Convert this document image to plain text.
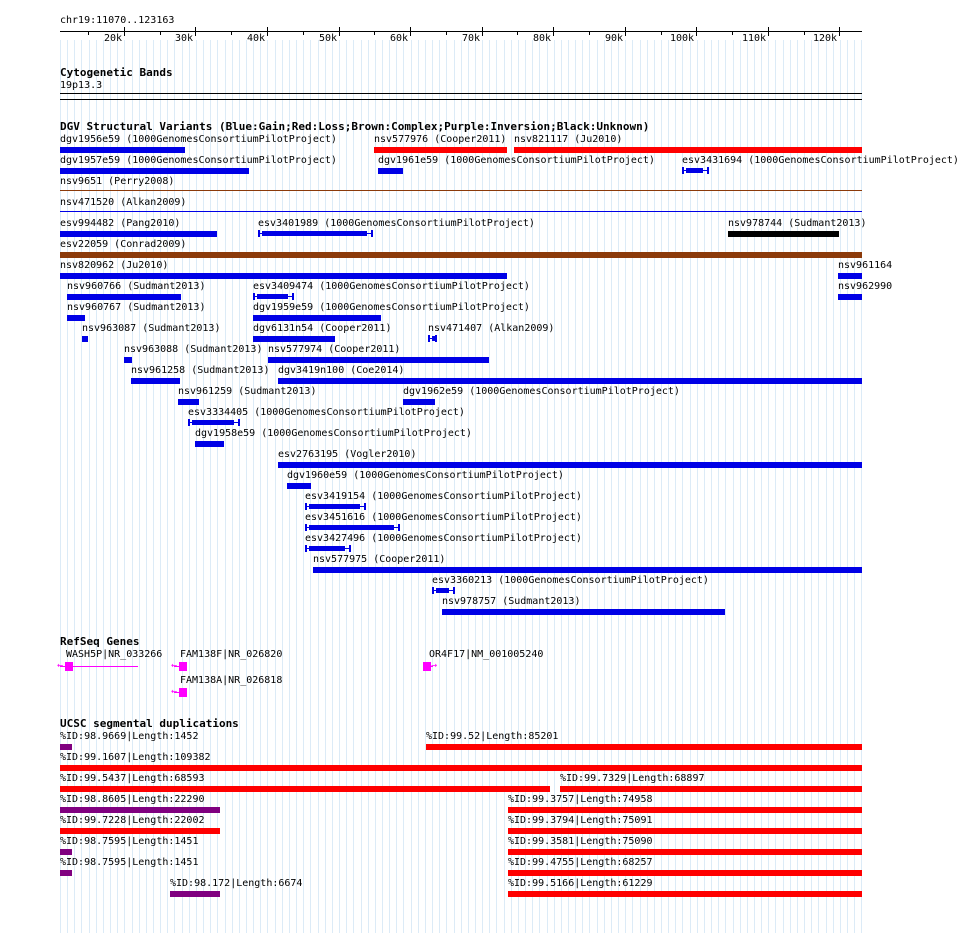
chr19:11070..123163
20k	30k	40k	50k	60k	70k	80k	90k	100k	110k	120k
Cytogenetic Bands
19p13.3
DGV Structural Variants (Blue:Gain;Red:Loss;Brown:Complex;Purple:Inversion;Black:Unknown)
dgv1956e59 (1000GenomesConsortiumPilotProject)	nsv577976 (Cooper2011) nsv821117 (Ju2010)
dgv1957e59 (1000GenomesConsortiumPilotProject)	dgv1961e59 (1000GenomesConsortiumPilotProject)	esv3431694 (1000GenomesConsortiumPilotProject)
nsv9651 (Perry2008)
nsv471520 (Alkan2009)
esv994482 (Pang2010)	esv3401989 (1000GenomesConsortiumPilotProject)	nsv978744 (Sudmant2013)
esv22059 (Conrad2009)
nsv820962 (Ju2010)	nsv961164
nsv960766 (Sudmant2013)	esv3409474 (1000GenomesConsortiumPilotProject)	nsv962990
nsv960767 (Sudmant2013)	dgv1959e59 (1000GenomesConsortiumPilotProject)
nsv963087 (Sudmant2013)	dgv6131n54 (Cooper2011)	nsv471407 (Alkan2009)
nsv963088 (Sudmant2013) nsv577974 (Cooper2011)
nsv961258 (Sudmant2013) dgv3419n100 (Coe2014)
nsv961259 (Sudmant2013)	dgv1962e59 (1000GenomesConsortiumPilotProject)
esv3334405 (1000GenomesConsortiumPilotProject)
dgv1958e59 (1000GenomesConsortiumPilotProject)
esv2763195 (Vogler2010)
dgv1960e59 (1000GenomesConsortiumPilotProject)
esv3419154 (1000GenomesConsortiumPilotProject)
esv3451616 (1000GenomesConsortiumPilotProject)
esv3427496 (1000GenomesConsortiumPilotProject)
nsv577975 (Cooper2011)
esv3360213 (1000GenomesConsortiumPilotProject)
nsv978757 (Sudmant2013)
RefSeq Genes
WASH5P|NR_033266
←
FAM138F|NR_026820
←
OR4F17|NM_001005240
→
FAM138A|NR_026818
←
UCSC segmental duplications
%ID:98.9669|Length:1452	%ID:99.52|Length:85201
%ID:99.1607|Length:109382
%ID:99.5437|Length:68593	%ID:99.7329|Length:68897
%ID:98.8605|Length:22290	%ID:99.3757|Length:74958
%ID:99.7228|Length:22002	%ID:99.3794|Length:75091
%ID:98.7595|Length:1451	%ID:99.3581|Length:75090
%ID:98.7595|Length:1451	%ID:99.4755|Length:68257
%ID:98.172|Length:6674	%ID:99.5166|Length:61229
